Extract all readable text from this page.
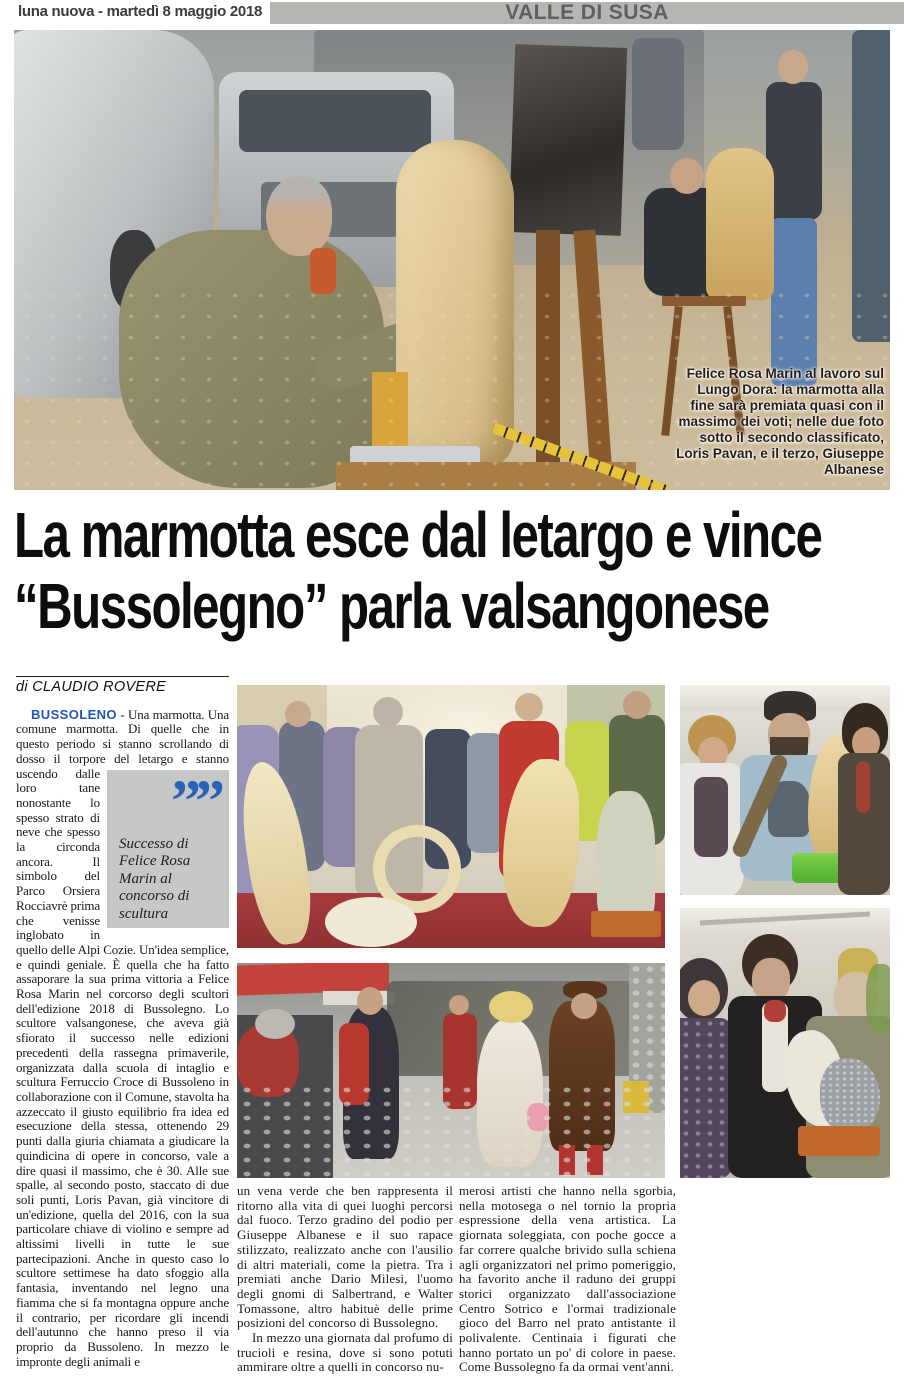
luna nuova - martedì 8 maggio 2018	VALLE DI SUSA
Felice Rosa Marin al lavoro sul Lungo Dora: la marmotta alla fine sarà premiata quasi con il massimo dei voti; nelle due foto sotto il secondo classificato, Loris Pavan, e il terzo, Giuseppe Albanese
La marmotta esce dal letargo e vince
“Bussolegno” parla valsangonese
di CLAUDIO ROVERE

BUSSOLENO - Una marmotta. Una comune marmotta. Di quelle che in questo periodo si stanno scrollando di dosso il torpore del letargo e stanno
””
Successo di Felice Rosa Marin al concorso di scultura
uscendo dalle loro tane nonostante lo spesso strato di neve che spesso la circonda ancora. Il simbolo del Parco Orsiera Rocciavrè prima che venisse inglobato in quello delle Alpi Cozie. Un'idea semplice, e quindi geniale. È quella che ha fatto assaporare la sua prima vittoria a Felice Rosa Marin nel corcorso degli scultori dell'edizione 2018 di Bussolegno. Lo scultore valsangonese, che aveva già sfiorato il successo nelle edizioni precedenti della rassegna primaverile, organizzata dalla scuola di intaglio e scultura Ferruccio Croce di Bussoleno in collaborazione con il Comune, stavolta ha azzeccato il giusto equilibrio fra idea ed esecuzione della stessa, ottenendo 29 punti dalla giuria chiamata a giudicare la quindicina di opere in concorso, vale a dire quasi il massimo, che è 30. Alle sue spalle, al secondo posto, staccato di due soli punti, Loris Pavan, già vincitore di un'edizione, quella del 2016, con la sua particolare chiave di violino e sempre ad altissimi livelli in tutte le sue partecipazioni. Anche in questo caso lo scultore settimese ha dato sfoggio alla fantasia, inventando nel legno una fiamma che si fa montagna oppure anche il contrario, per ricordare gli incendi dell'autunno che hanno preso il via proprio da Bussoleno. In mezzo le impronte degli animali e

un vena verde che ben rappresenta il ritorno alla vita di quei luoghi percorsi dal fuoco. Terzo gradino del podio per Giuseppe Albanese e il suo rapace stilizzato, realizzato anche con l'ausilio di altri materiali, come la pietra. Tra i premiati anche Dario Milesi, l'uomo degli gnomi di Salbertrand, e Walter Tomassone, altro habituè delle prime posizioni del concorso di Bussolegno.

In mezzo una giornata dal profumo di trucioli e resina, dove si sono potuti ammirare oltre a quelli in concorso nu-

merosi artisti che hanno nella sgorbia, nella motosega o nel tornio la propria espressione della vena artistica. La giornata soleggiata, con poche gocce a far correre qualche brivido sulla schiena agli organizzatori nel primo pomeriggio, ha favorito anche il raduno dei gruppi storici organizzato dall'associazione Centro Sotrico e l'ormai tradizionale gioco del Barro nel prato antistante il polivalente. Centinaia i figurati che hanno portato un po' di colore in paese. Come Bussolegno fa da ormai vent'anni.
